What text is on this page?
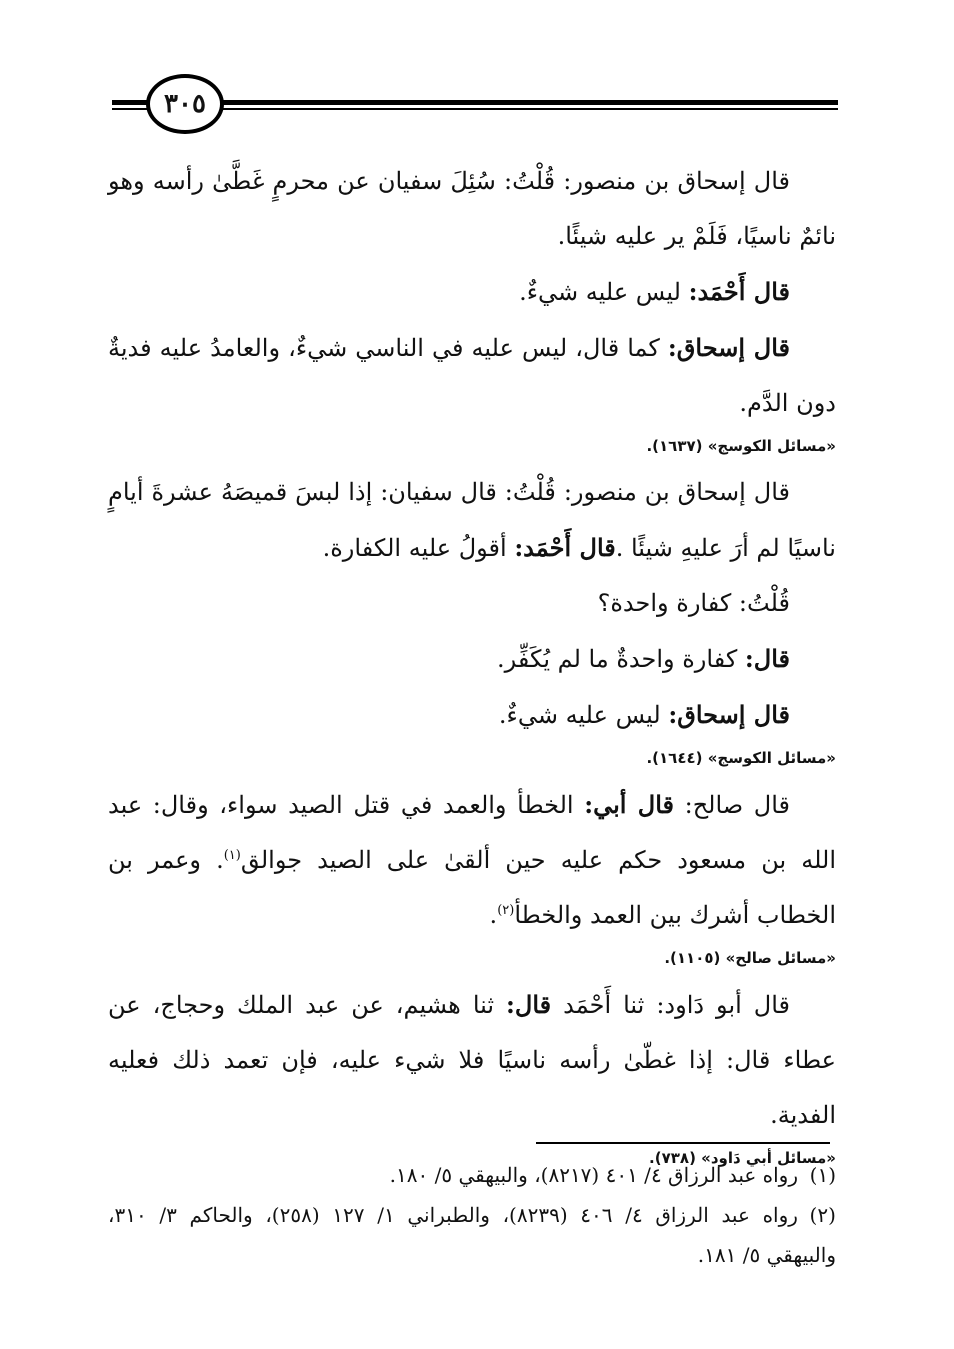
٣٠٥

قال إسحاق بن منصور: قُلْتُ: سُئِلَ سفيان عن محرمٍ غَطَّىٰ رأسه وهو نائمٌ ناسيًا، فَلَمْ ير عليه شيئًا.

قال أَحْمَد: ليس عليه شيءٌ.

قال إسحاق: كما قال، ليس عليه في الناسي شيءٌ، والعامدُ عليه فديةٌ دون الدَّم.

«مسائل الكوسج» (١٦٣٧).

قال إسحاق بن منصور: قُلْتُ: قال سفيان: إذا لبسَ قميصَهُ عشرةَ أيامٍ ناسيًا لم أرَ عليهِ شيئًا .قال أَحْمَد: أقولُ عليه الكفارة.

قُلْتُ: كفارة واحدة؟

قال: كفارة واحدةٌ ما لم يُكَفِّر.

قال إسحاق: ليس عليه شيءٌ.

«مسائل الكوسج» (١٦٤٤).

قال صالح: قال أبي: الخطأ والعمد في قتل الصيد سواء، وقال: عبد الله بن مسعود حكم عليه حين ألقىٰ على الصيد جوالق$^{(١)}$. وعمر بن الخطاب أشرك بين العمد والخطأ$^{(٢)}$.

«مسائل صالح» (١١٠٥).

قال أبو دَاود: ثنا أَحْمَد قال: ثنا هشيم، عن عبد الملك وحجاج، عن عطاء قال: إذا غطّىٰ رأسه ناسيًا فلا شيء عليه، فإن تعمد ذلك فعليه الفدية.

«مسائل أبي دَاود» (٧٣٨).

(١)رواه عبد الرزاق ٤/ ٤٠١ (٨٢١٧)، والبيهقي ٥/ ١٨٠.

(٢)رواه عبد الرزاق ٤/ ٤٠٦ (٨٢٣٩)، والطبراني ١/ ١٢٧ (٢٥٨)، والحاكم ٣/ ٣١٠، والبيهقي ٥/ ١٨١.
